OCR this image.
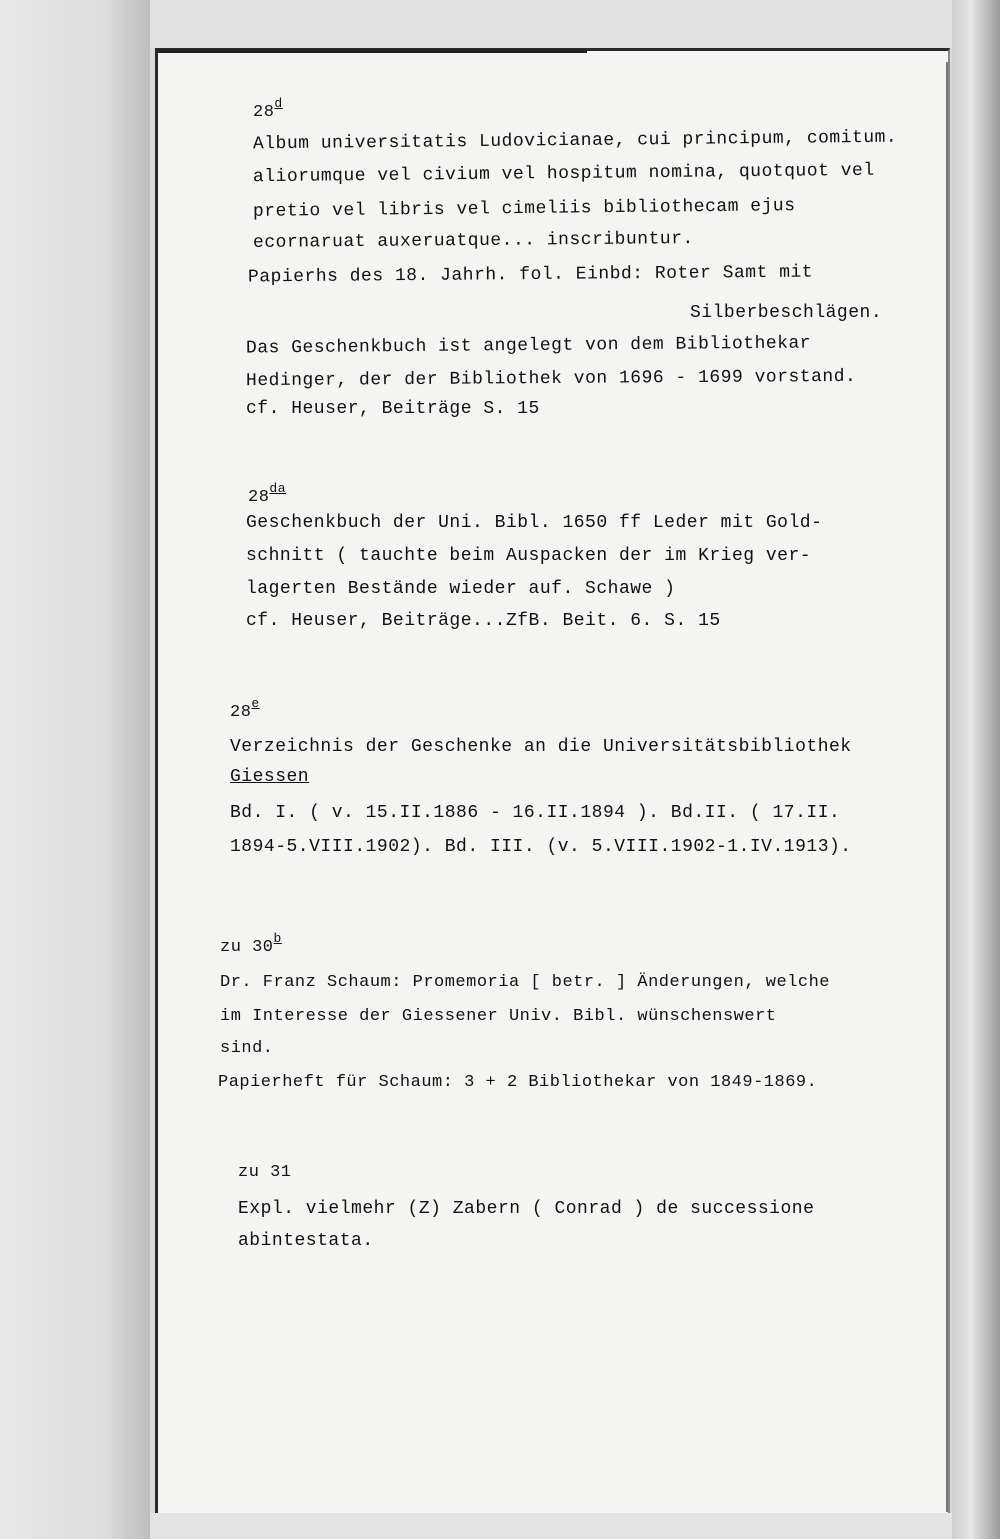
28$^d$
Album universitatis Ludovicianae, cui principum, comitum.
aliorumque vel civium vel hospitum nomina, quotquot vel
pretio vel libris vel cimeliis bibliothecam ejus
ecornaruat auxeruatque... inscribuntur.
Papierhs des 18. Jahrh. fol. Einbd: Roter Samt mit
Silberbeschlägen.
Das Geschenkbuch ist angelegt von dem Bibliothekar
Hedinger, der der Bibliothek von 1696 - 1699 vorstand.
cf. Heuser, Beiträge S. 15
$28^{da}$
Geschenkbuch der Uni. Bibl. 1650 ff Leder mit Gold-
schnitt ( tauchte beim Auspacken der im Krieg ver-
lagerten Bestände wieder auf. Schawe )
cf. Heuser, Beiträge...ZfB. Beit. 6. S. 15
28e
Verzeichnis der Geschenke an die Universitätsbibliothek
Giessen
Bd. I. ( v. 15.II.1886 - 16.II.1894 ). Bd.II. ( 17.II.
1894-5.VIII.1902). Bd. III. (v. 5.VIII.1902-1.IV.1913).
zu 30$^b$
Dr. Franz Schaum: Promemoria [ betr. ] Änderungen, welche
im Interesse der Giessener Univ. Bibl. wünschenswert
sind.
Papierheft für Schaum: 3 + 2 Bibliothekar von 1849-1869.
zu 31
Expl. vielmehr (Z) Zabern ( Conrad ) de successione
abintestata.
